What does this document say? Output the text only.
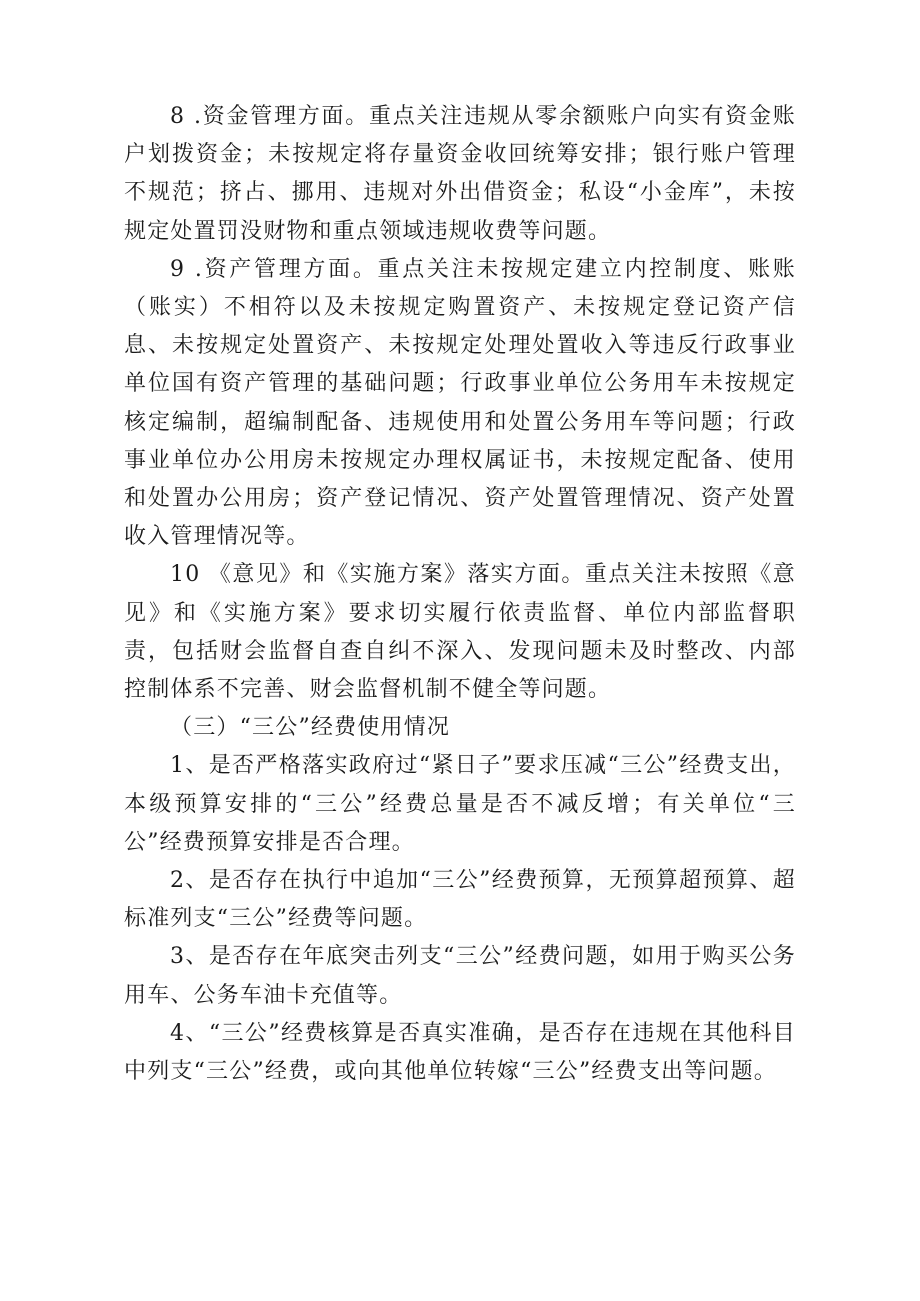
8 .资金管理方面。重点关注违规从零余额账户向实有资金账户划拨资金；未按规定将存量资金收回统筹安排；银行账户管理不规范；挤占、挪用、违规对外出借资金；私设“小金库”，未按规定处置罚没财物和重点领域违规收费等问题。

9 .资产管理方面。重点关注未按规定建立内控制度、账账（账实）不相符以及未按规定购置资产、未按规定登记资产信息、未按规定处置资产、未按规定处理处置收入等违反行政事业单位国有资产管理的基础问题；行政事业单位公务用车未按规定核定编制，超编制配备、违规使用和处置公务用车等问题；行政事业单位办公用房未按规定办理权属证书，未按规定配备、使用和处置办公用房；资产登记情况、资产处置管理情况、资产处置收入管理情况等。

10 《意见》和《实施方案》落实方面。重点关注未按照《意见》和《实施方案》要求切实履行依责监督、单位内部监督职责，包括财会监督自查自纠不深入、发现问题未及时整改、内部控制体系不完善、财会监督机制不健全等问题。

（三）“三公”经费使用情况

1、是否严格落实政府过“紧日子”要求压减“三公”经费支出，本级预算安排的“三公”经费总量是否不减反增；有关单位“三公”经费预算安排是否合理。

2、是否存在执行中追加“三公”经费预算，无预算超预算、超标准列支“三公”经费等问题。

3、是否存在年底突击列支“三公”经费问题，如用于购买公务用车、公务车油卡充值等。

4、“三公”经费核算是否真实准确，是否存在违规在其他科目中列支“三公”经费，或向其他单位转嫁“三公”经费支出等问题。
